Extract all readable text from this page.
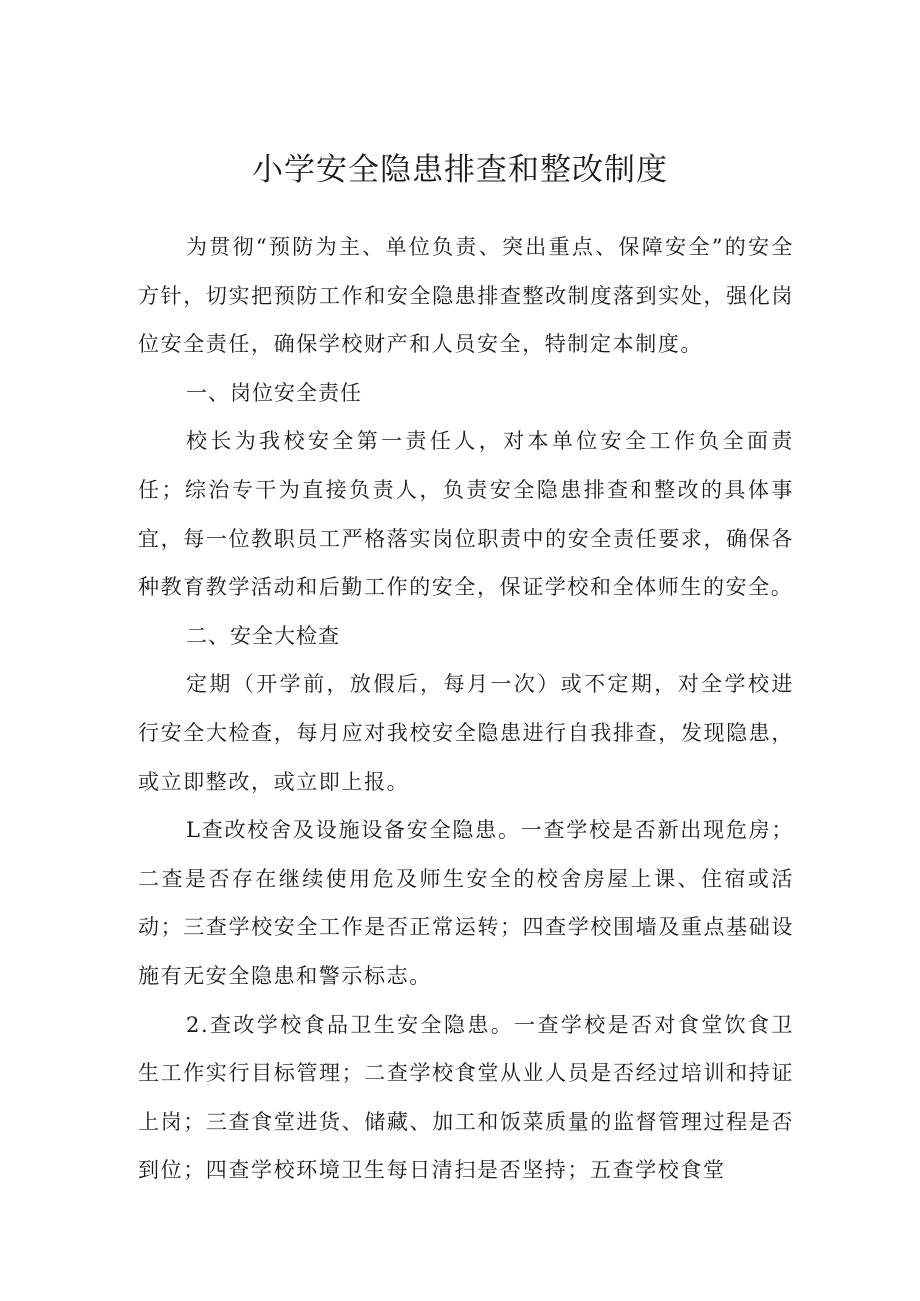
小学安全隐患排查和整改制度

为贯彻“预防为主、单位负责、突出重点、保障安全”的安全方针，切实把预防工作和安全隐患排查整改制度落到实处，强化岗位安全责任，确保学校财产和人员安全，特制定本制度。

一、岗位安全责任

校长为我校安全第一责任人，对本单位安全工作负全面责任；综治专干为直接负责人，负责安全隐患排查和整改的具体事宜，每一位教职员工严格落实岗位职责中的安全责任要求，确保各种教育教学活动和后勤工作的安全，保证学校和全体师生的安全。

二、安全大检查

定期（开学前，放假后，每月一次）或不定期，对全学校进行安全大检查，每月应对我校安全隐患进行自我排查，发现隐患，或立即整改，或立即上报。

L查改校舍及设施设备安全隐患。一查学校是否新出现危房；二查是否存在继续使用危及师生安全的校舍房屋上课、住宿或活动；三查学校安全工作是否正常运转；四查学校围墙及重点基础设施有无安全隐患和警示标志。

2.查改学校食品卫生安全隐患。一查学校是否对食堂饮食卫生工作实行目标管理；二查学校食堂从业人员是否经过培训和持证上岗；三查食堂进货、储藏、加工和饭菜质量的监督管理过程是否到位；四查学校环境卫生每日清扫是否坚持；五查学校食堂
